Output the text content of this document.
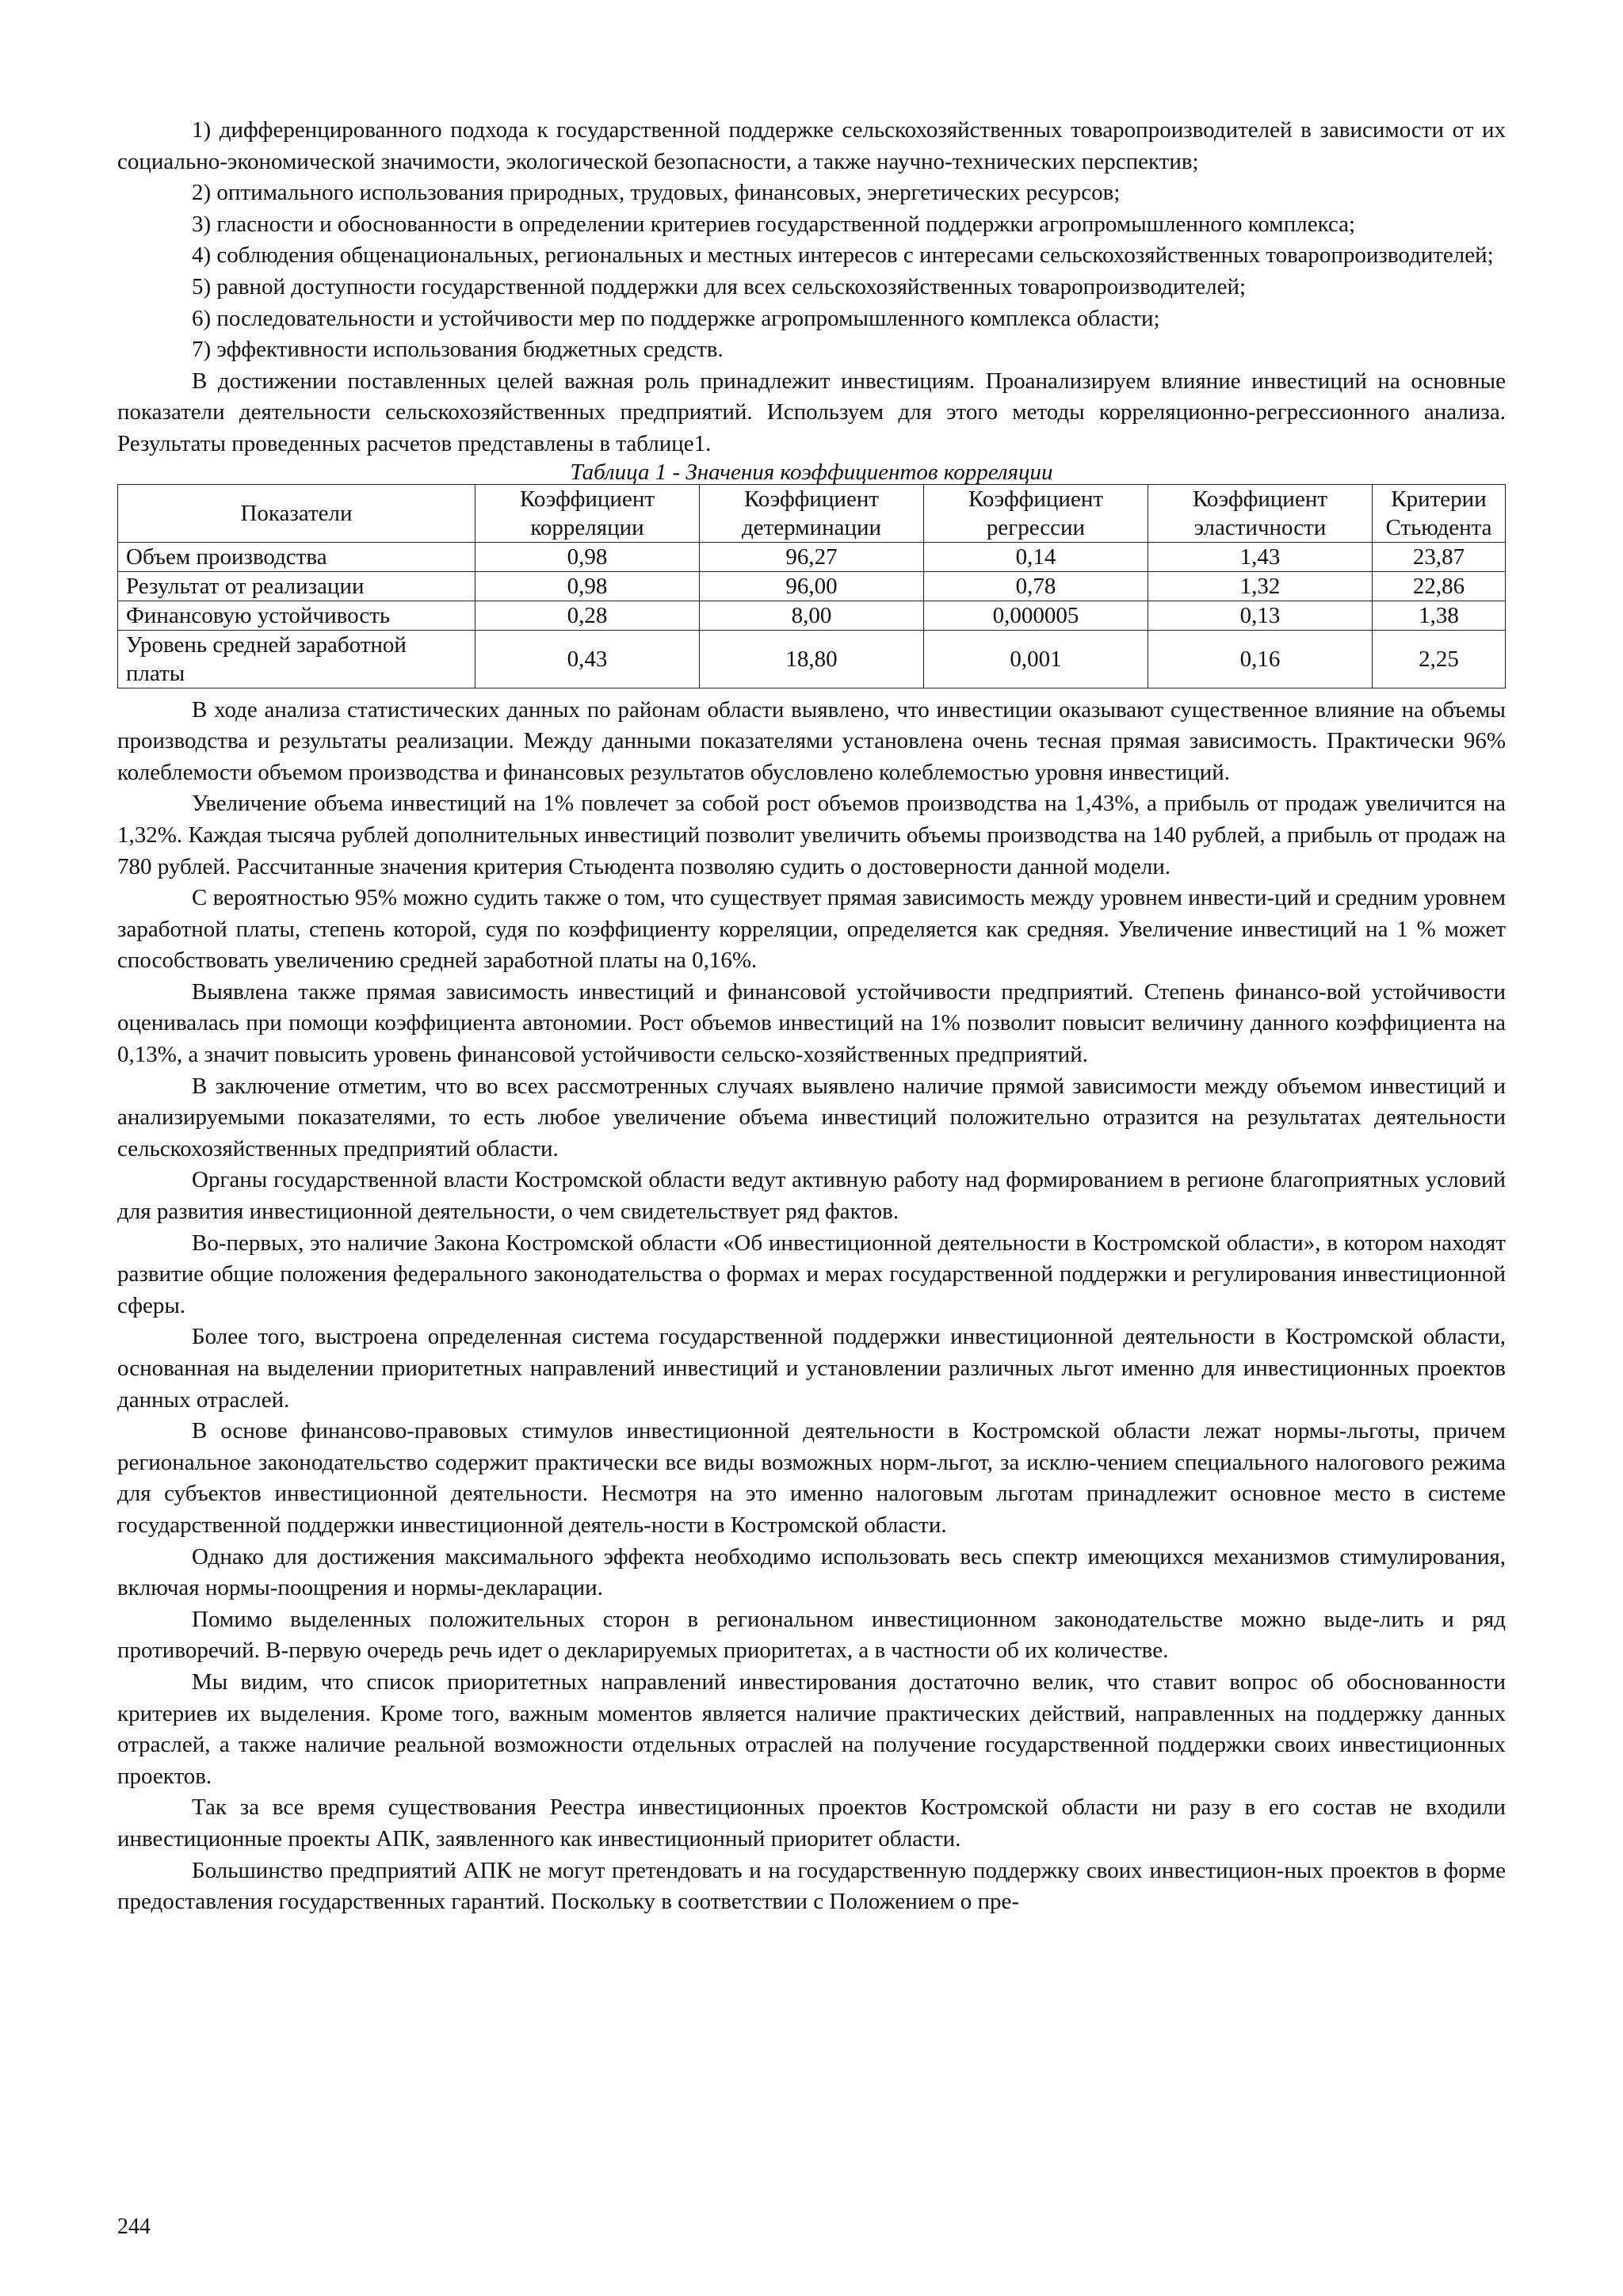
1) дифференцированного подхода к государственной поддержке сельскохозяйственных товаропроизводителей в зависимости от их социально-экономической значимости, экологической безопасности, а также научно-технических перспектив;

2) оптимального использования природных, трудовых, финансовых, энергетических ресурсов;

3) гласности и обоснованности в определении критериев государственной поддержки агропромышленного комплекса;

4) соблюдения общенациональных, региональных и местных интересов с интересами сельскохозяйственных товаропроизводителей;

5) равной доступности государственной поддержки для всех сельскохозяйственных товаропроизводителей;

6) последовательности и устойчивости мер по поддержке агропромышленного комплекса области;

7) эффективности использования бюджетных средств.

В достижении поставленных целей важная роль принадлежит инвестициям. Проанализируем влияние инвестиций на основные показатели деятельности сельскохозяйственных предприятий. Используем для этого методы корреляционно-регрессионного анализа. Результаты проведенных расчетов представлены в таблице1.

Таблица 1 - Значения коэффициентов корреляции
Показатели	Коэффициент корреляции	Коэффициент детерминации	Коэффициент регрессии	Коэффициент эластичности	Критерии Стьюдента
Объем производства	0,98	96,27	0,14	1,43	23,87
Результат от реализации	0,98	96,00	0,78	1,32	22,86
Финансовую устойчивость	0,28	8,00	0,000005	0,13	1,38
Уровень средней заработной платы	0,43	18,80	0,001	0,16	2,25

В ходе анализа статистических данных по районам области выявлено, что инвестиции оказывают существенное влияние на объемы производства и результаты реализации. Между данными показателями установлена очень тесная прямая зависимость. Практически 96% колеблемости объемом производства и финансовых результатов обусловлено колеблемостью уровня инвестиций.

Увеличение объема инвестиций на 1% повлечет за собой рост объемов производства на 1,43%, а прибыль от продаж увеличится на 1,32%. Каждая тысяча рублей дополнительных инвестиций позволит увеличить объемы производства на 140 рублей, а прибыль от продаж на 780 рублей. Рассчитанные значения критерия Стьюдента позволяю судить о достоверности данной модели.

С вероятностью 95% можно судить также о том, что существует прямая зависимость между уровнем инвести-ций и средним уровнем заработной платы, степень которой, судя по коэффициенту корреляции, определяется как средняя. Увеличение инвестиций на 1 % может способствовать увеличению средней заработной платы на 0,16%.

Выявлена также прямая зависимость инвестиций и финансовой устойчивости предприятий. Степень финансо-вой устойчивости оценивалась при помощи коэффициента автономии. Рост объемов инвестиций на 1% позволит повысит величину данного коэффициента на 0,13%, а значит повысить уровень финансовой устойчивости сельско-хозяйственных предприятий.

В заключение отметим, что во всех рассмотренных случаях выявлено наличие прямой зависимости между объемом инвестиций и анализируемыми показателями, то есть любое увеличение объема инвестиций положительно отразится на результатах деятельности сельскохозяйственных предприятий области.

Органы государственной власти Костромской области ведут активную работу над формированием в регионе благоприятных условий для развития инвестиционной деятельности, о чем свидетельствует ряд фактов.

Во-первых, это наличие Закона Костромской области «Об инвестиционной деятельности в Костромской области», в котором находят развитие общие положения федерального законодательства о формах и мерах государственной поддержки и регулирования инвестиционной сферы.

Более того, выстроена определенная система государственной поддержки инвестиционной деятельности в Костромской области, основанная на выделении приоритетных направлений инвестиций и установлении различных льгот именно для инвестиционных проектов данных отраслей.

В основе финансово-правовых стимулов инвестиционной деятельности в Костромской области лежат нормы-льготы, причем региональное законодательство содержит практически все виды возможных норм-льгот, за исклю-чением специального налогового режима для субъектов инвестиционной деятельности. Несмотря на это именно налоговым льготам принадлежит основное место в системе государственной поддержки инвестиционной деятель-ности в Костромской области.

Однако для достижения максимального эффекта необходимо использовать весь спектр имеющихся механизмов стимулирования, включая нормы-поощрения и нормы-декларации.

Помимо выделенных положительных сторон в региональном инвестиционном законодательстве можно выде-лить и ряд противоречий. В-первую очередь речь идет о декларируемых приоритетах, а в частности об их количестве.

Мы видим, что список приоритетных направлений инвестирования достаточно велик, что ставит вопрос об обоснованности критериев их выделения. Кроме того, важным моментов является наличие практических действий, направленных на поддержку данных отраслей, а также наличие реальной возможности отдельных отраслей на получение государственной поддержки своих инвестиционных проектов.

Так за все время существования Реестра инвестиционных проектов Костромской области ни разу в его состав не входили инвестиционные проекты АПК, заявленного как инвестиционный приоритет области.

Большинство предприятий АПК не могут претендовать и на государственную поддержку своих инвестицион-ных проектов в форме предоставления государственных гарантий. Поскольку в соответствии с Положением о пре-

244
